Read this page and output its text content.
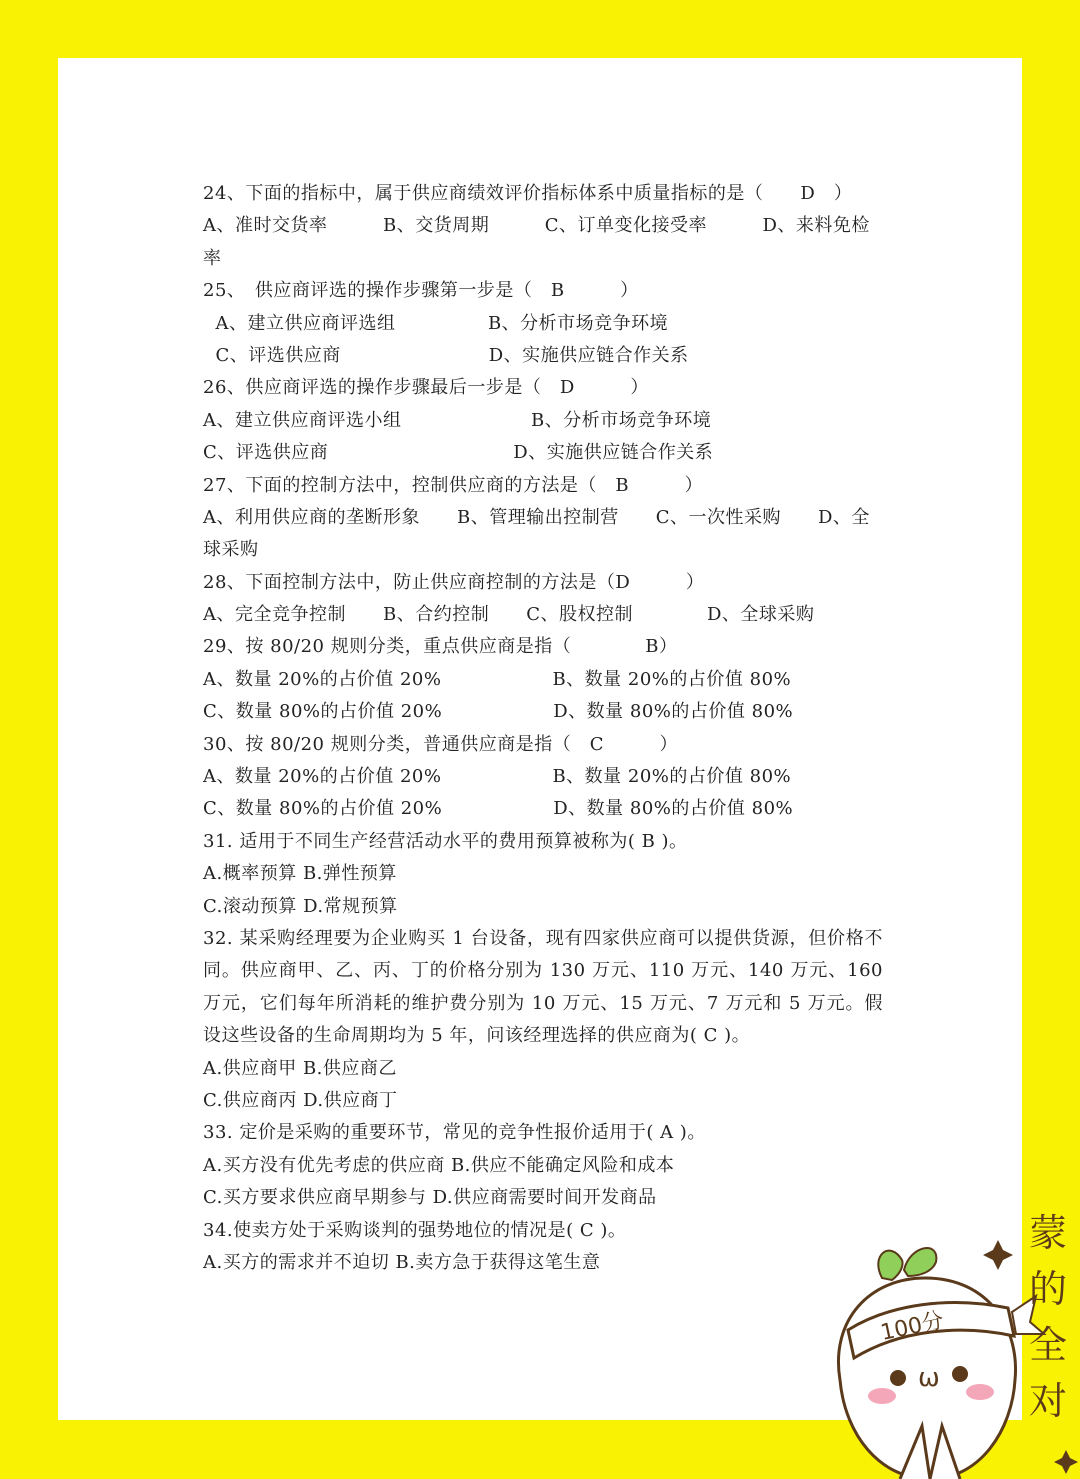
24、下面的指标中，属于供应商绩效评价指标体系中质量指标的是（　　D　）
A、准时交货率　　　B、交货周期　　　C、订单变化接受率　　　D、来料免检
率
25、　供应商评选的操作步骤第一步是（　B　　　）
A、建立供应商评选组　　　　　B、分析市场竞争环境
C、评选供应商　　　　　　　　D、实施供应链合作关系
26、供应商评选的操作步骤最后一步是（　D　　　）
A、建立供应商评选小组　　　　　　　B、分析市场竞争环境
C、评选供应商　　　　　　　　　　D、实施供应链合作关系
27、下面的控制方法中，控制供应商的方法是（　B　　　）
A、利用供应商的垄断形象　　B、管理输出控制营　　C、一次性采购　　D、全
球采购
28、下面控制方法中，防止供应商控制的方法是（D　　　）
A、完全竞争控制　　B、合约控制　　C、股权控制　　　　D、全球采购
29、按 80/20 规则分类，重点供应商是指（　　　　B）
A、数量 20%的占价值 20%　　　　　　B、数量 20%的占价值 80%
C、数量 80%的占价值 20%　　　　　　D、数量 80%的占价值 80%
30、按 80/20 规则分类，普通供应商是指（　C　　　）
A、数量 20%的占价值 20%　　　　　　B、数量 20%的占价值 80%
C、数量 80%的占价值 20%　　　　　　D、数量 80%的占价值 80%
31. 适用于不同生产经营活动水平的费用预算被称为( B )。
A.概率预算 B.弹性预算
C.滚动预算 D.常规预算
32. 某采购经理要为企业购买 1 台设备，现有四家供应商可以提供货源，但价格不同。供应商甲、乙、丙、丁的价格分别为 130 万元、110 万元、140 万元、160 万元，它们每年所消耗的维护费分别为 10 万元、15 万元、7 万元和 5 万元。假设这些设备的生命周期均为 5 年，问该经理选择的供应商为( C )。
A.供应商甲 B.供应商乙
C.供应商丙 D.供应商丁
33. 定价是采购的重要环节，常见的竞争性报价适用于( A )。
A.买方没有优先考虑的供应商 B.供应不能确定风险和成本
C.买方要求供应商早期参与 D.供应商需要时间开发商品
34.使卖方处于采购谈判的强势地位的情况是( C )。
A.买方的需求并不迫切 B.卖方急于获得这笔生意
100分
ω
蒙
的
全
对
